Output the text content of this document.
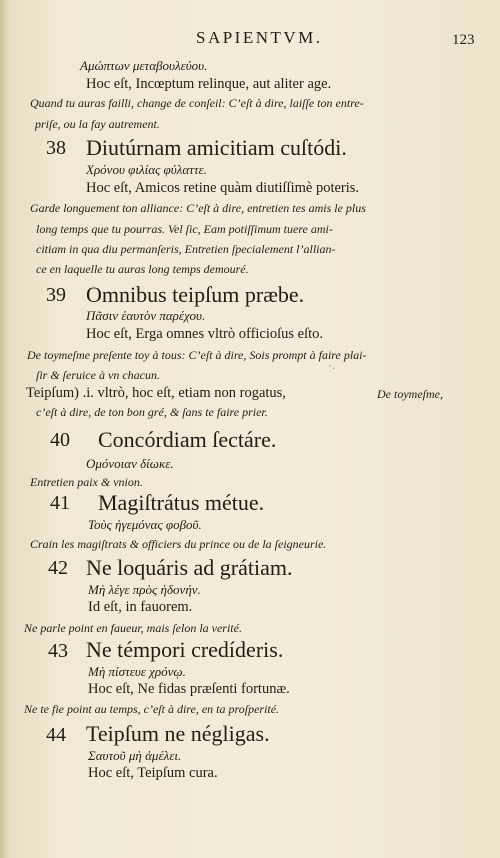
SAPIENTVM.	123
Αμώπτων μεταβουλεύου.
Hoc eſt, Incœptum relinque, aut aliter age.
Quand tu auras failli, change de conſeil: C’eſt à dire, laiſſe ton entre-
priſe, ou la fay autrement.
38 Diutúrnam amicitiam cuſtódi.
Χρόνου φιλίας φύλαττε.
Hoc eſt, Amicos retine quàm diutiſſimè poteris.
Garde longuement ton alliance: C’eſt à dire, entretien tes amis le plus
long temps que tu pourras. Vel ſic, Eam potiſſimum tuere ami-
citiam in qua diu permanſeris, Entretien ſpecialement l’allian-
ce en laquelle tu auras long temps demouré.
39 Omnibus teipſum præbe.
Πᾶσιν ἑαυτὸν παρέχου.
Hoc eſt, Erga omnes vltrò officioſus eſto.
De toymeſme preſente toy à tous: C’eſt à dire, Sois prompt à faire plai-
ſir & ſeruice à vn chacun.	˙ˑ
Teipſum) .i. vltrò, hoc eſt, etiam non rogatus,	De toymeſme,
c’eſt à dire, de ton bon gré, & ſans te faire prier.
40 Concórdiam ſectáre.
Ομόνοιαν δίωκε.
Entretien paix & vnion.
41 Magiſtrátus métue.
Τοὺς ἡγεμόνας φοβοῦ.
Crain les magiſtrats & officiers du prince ou de la ſeigneurie.
42 Ne loquáris ad grátiam.
Μὴ λέγε πρὸς ἡδονήν.
Id eſt, in fauorem.
Ne parle point en faueur, mais ſelon la verité.
43 Ne témpori credíderis.
Μὴ πίστευε χρόνῳ.
Hoc eſt, Ne fidas præſenti fortunæ.
Ne te fie point au temps, c’eſt à dire, en ta proſperité.
44 Teipſum ne négligas.
Σαυτοῦ μὴ ἀμέλει.
Hoc eſt, Teipſum cura.
